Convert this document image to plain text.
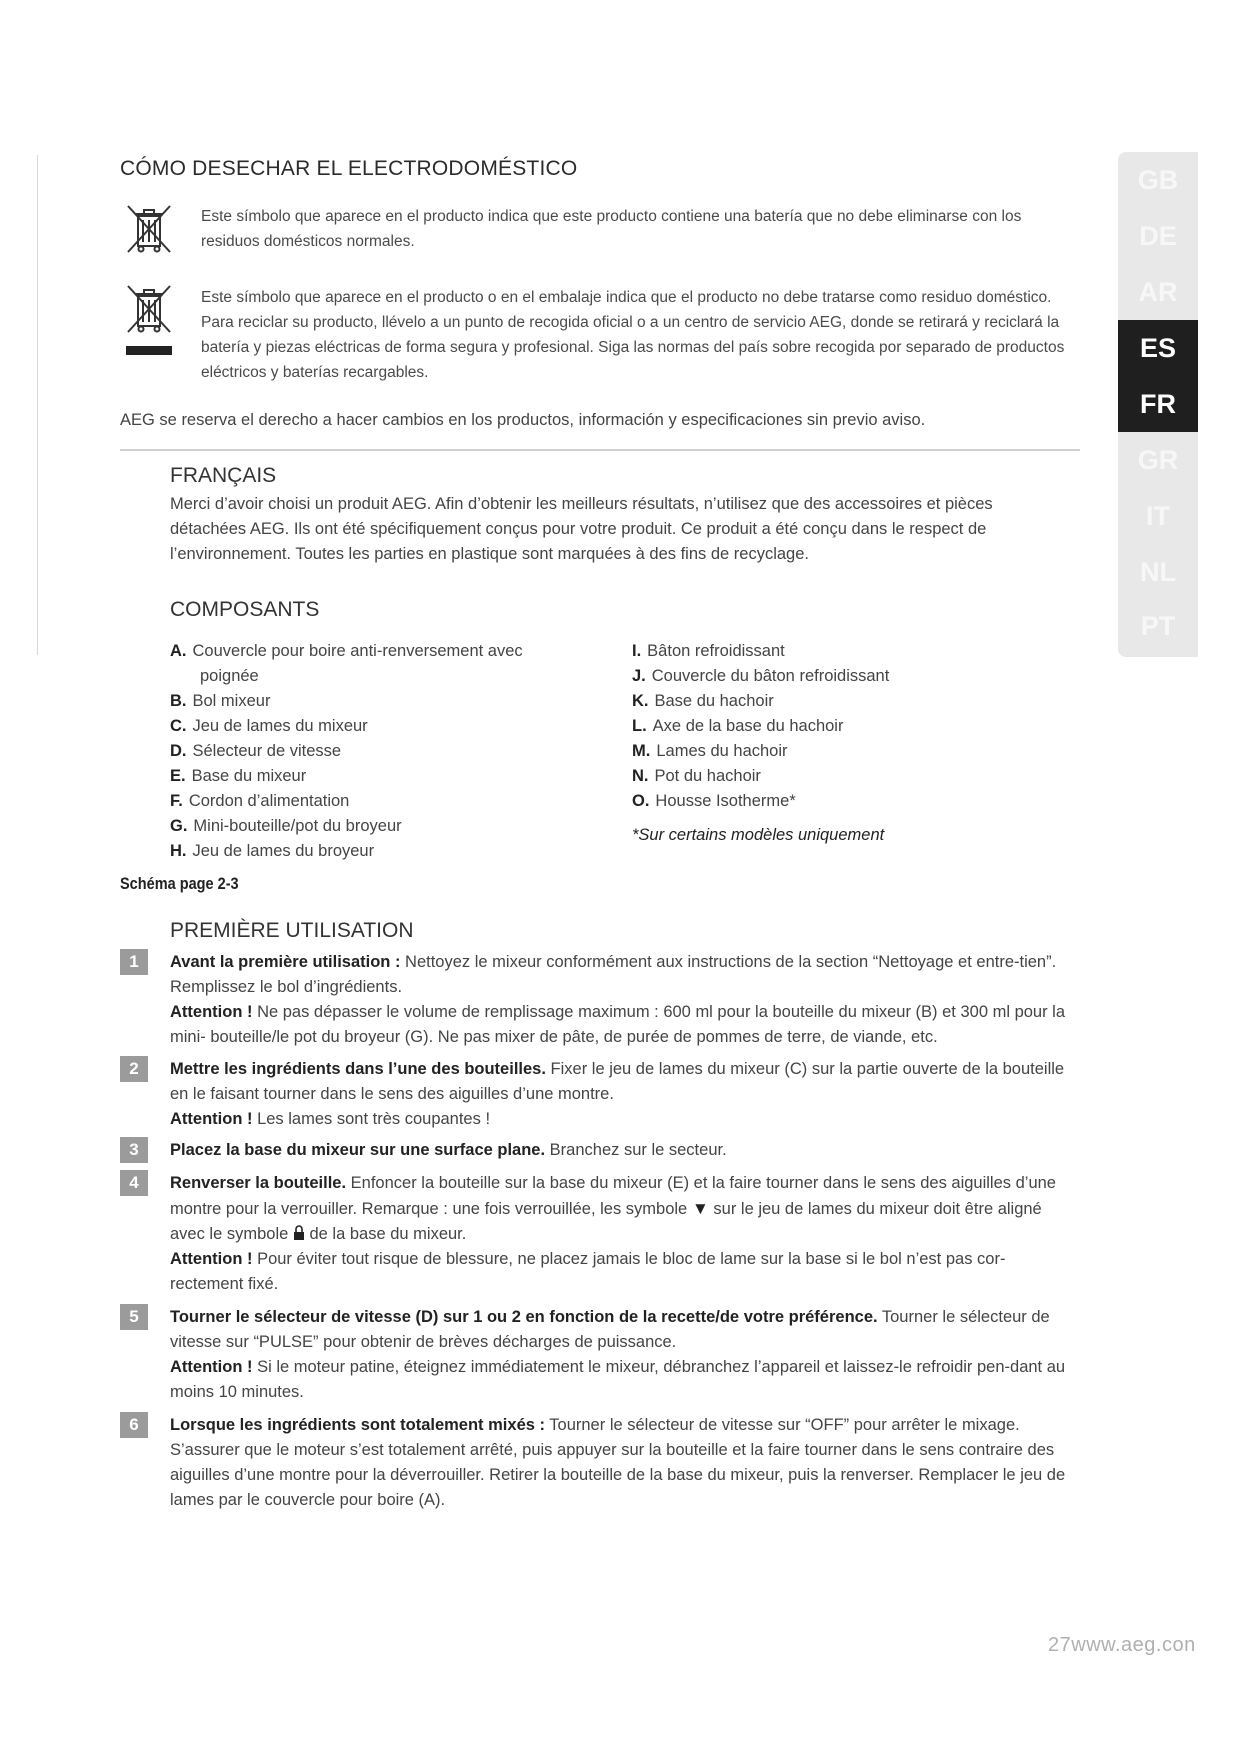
CÓMO DESECHAR EL ELECTRODOMÉSTICO
Este símbolo que aparece en el producto indica que este producto contiene una batería que no debe eliminarse con los residuos domésticos normales.
Este símbolo que aparece en el producto o en el embalaje indica que el producto no debe tratarse como residuo doméstico. Para reciclar su producto, llévelo a un punto de recogida oficial o a un centro de servicio AEG, donde se retirará y reciclará la batería y piezas eléctricas de forma segura y profesional. Siga las normas del país sobre recogida por separado de productos eléctricos y baterías recargables.
AEG se reserva el derecho a hacer cambios en los productos, información y especificaciones sin previo aviso.
FRANÇAIS
Merci d’avoir choisi un produit AEG. Afin d’obtenir les meilleurs résultats, n’utilisez que des accessoires et pièces détachées AEG. Ils ont été spécifiquement conçus pour votre produit. Ce produit a été conçu dans le respect de l’environnement. Toutes les parties en plastique sont marquées à des fins de recyclage.
COMPOSANTS
A. Couvercle pour boire anti-renversement avec
poignée
B. Bol mixeur
C. Jeu de lames du mixeur
D. Sélecteur de vitesse
E. Base du mixeur
F. Cordon d’alimentation
G. Mini-bouteille/pot du broyeur
H. Jeu de lames du broyeur
I. Bâton refroidissant
J. Couvercle du bâton refroidissant
K. Base du hachoir
L. Axe de la base du hachoir
M. Lames du hachoir
N. Pot du hachoir
O. Housse Isotherme*
*Sur certains modèles uniquement
Schéma page 2-3
PREMIÈRE UTILISATION
1	Avant la première utilisation : Nettoyez le mixeur conformément aux instructions de la section “Nettoyage et entre-tien”. Remplissez le bol d’ingrédients.
Attention ! Ne pas dépasser le volume de remplissage maximum : 600 ml pour la bouteille du mixeur (B) et 300 ml pour la mini- bouteille/le pot du broyeur (G). Ne pas mixer de pâte, de purée de pommes de terre, de viande, etc.
2	Mettre les ingrédients dans l’une des bouteilles. Fixer le jeu de lames du mixeur (C) sur la partie ouverte de la bouteille en le faisant tourner dans le sens des aiguilles d’une montre.
Attention ! Les lames sont très coupantes !
3	Placez la base du mixeur sur une surface plane. Branchez sur le secteur.
4	Renverser la bouteille. Enfoncer la bouteille sur la base du mixeur (E) et la faire tourner dans le sens des aiguilles d’une montre pour la verrouiller. Remarque : une fois verrouillée, les symbole ▼ sur le jeu de lames du mixeur doit être aligné avec le symbole  de la base du mixeur.
Attention ! Pour éviter tout risque de blessure, ne placez jamais le bloc de lame sur la base si le bol n’est pas cor-rectement fixé.
5	Tourner le sélecteur de vitesse (D) sur 1 ou 2 en fonction de la recette/de votre préférence. Tourner le sélecteur de vitesse sur “PULSE” pour obtenir de brèves décharges de puissance.
Attention ! Si le moteur patine, éteignez immédiatement le mixeur, débranchez l’appareil et laissez-le refroidir pen-dant au moins 10 minutes.
6	Lorsque les ingrédients sont totalement mixés : Tourner le sélecteur de vitesse sur “OFF” pour arrêter le mixage. S’assurer que le moteur s’est totalement arrêté, puis appuyer sur la bouteille et la faire tourner dans le sens contraire des aiguilles d’une montre pour la déverrouiller. Retirer la bouteille de la base du mixeur, puis la renverser. Remplacer le jeu de lames par le couvercle pour boire (A).
GB
DE
AR
ES
FR
GR
IT
NL
PT
27www.aeg.con
